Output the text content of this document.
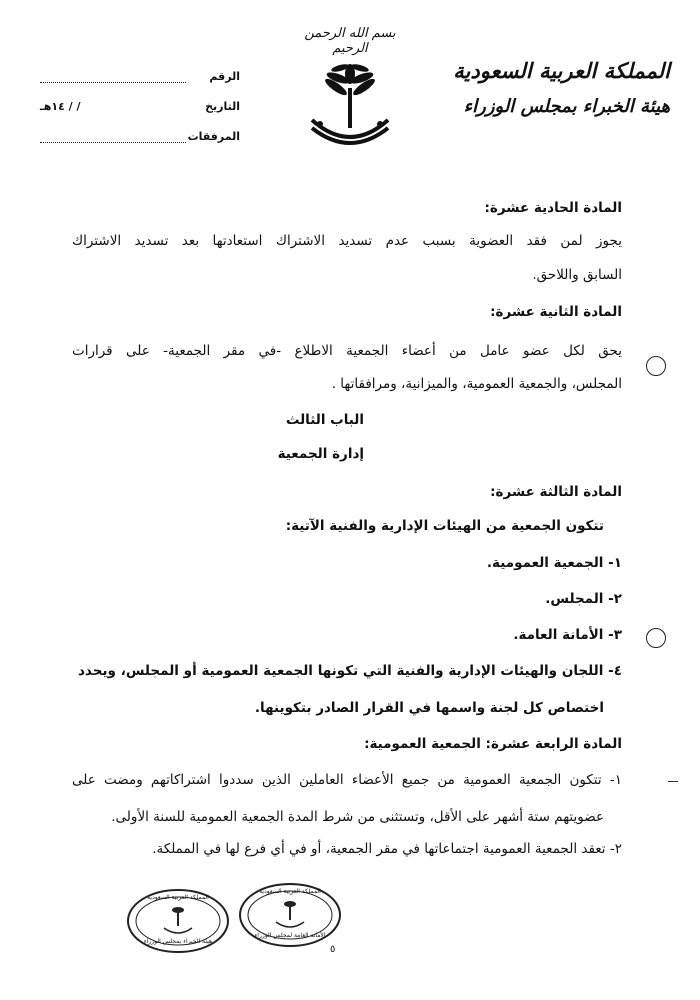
بسم الله الرحمن الرحيم
المملكة العربية السعودية
هيئة الخبراء بمجلس الوزراء
الرقم
التاريخ
/ / ١٤هـ
المرفقات
المادة الحادية عشرة:
يجوز لمن فقد العضوية بسبب عدم تسديد الاشتراك استعادتها بعد تسديد الاشتراك
السابق واللاحق.
المادة الثانية عشرة:
يحق لكل عضو عامل من أعضاء الجمعية الاطلاع -في مقر الجمعية- على قرارات
المجلس، والجمعية العمومية، والميزانية، ومرافقاتها .
الباب الثالث
إدارة الجمعية
المادة الثالثة عشرة:
تتكون الجمعية من الهيئات الإدارية والفنية الآتية:
١- الجمعية العمومية.
٢- المجلس.
٣- الأمانة العامة.
٤- اللجان والهيئات الإدارية والفنية التي تكونها الجمعية العمومية أو المجلس، ويحدد
اختصاص كل لجنة واسمها في القرار الصادر بتكوينها.
المادة الرابعة عشرة: الجمعية العمومية:
١- تتكون الجمعية العمومية من جميع الأعضاء العاملين الذين سددوا اشتراكاتهم ومضت على
عضويتهم ستة أشهر على الأقل، وتستثنى من شرط المدة الجمعية العمومية للسنة الأولى.
٢- تعقد الجمعية العمومية اجتماعاتها في مقر الجمعية، أو في أي فرع لها في المملكة.
المملكة العربية السعودية
هيئة الخبراء بمجلس الوزراء
المملكة العربية السعودية
الأمانة العامة لمجلس الوزراء
٥
